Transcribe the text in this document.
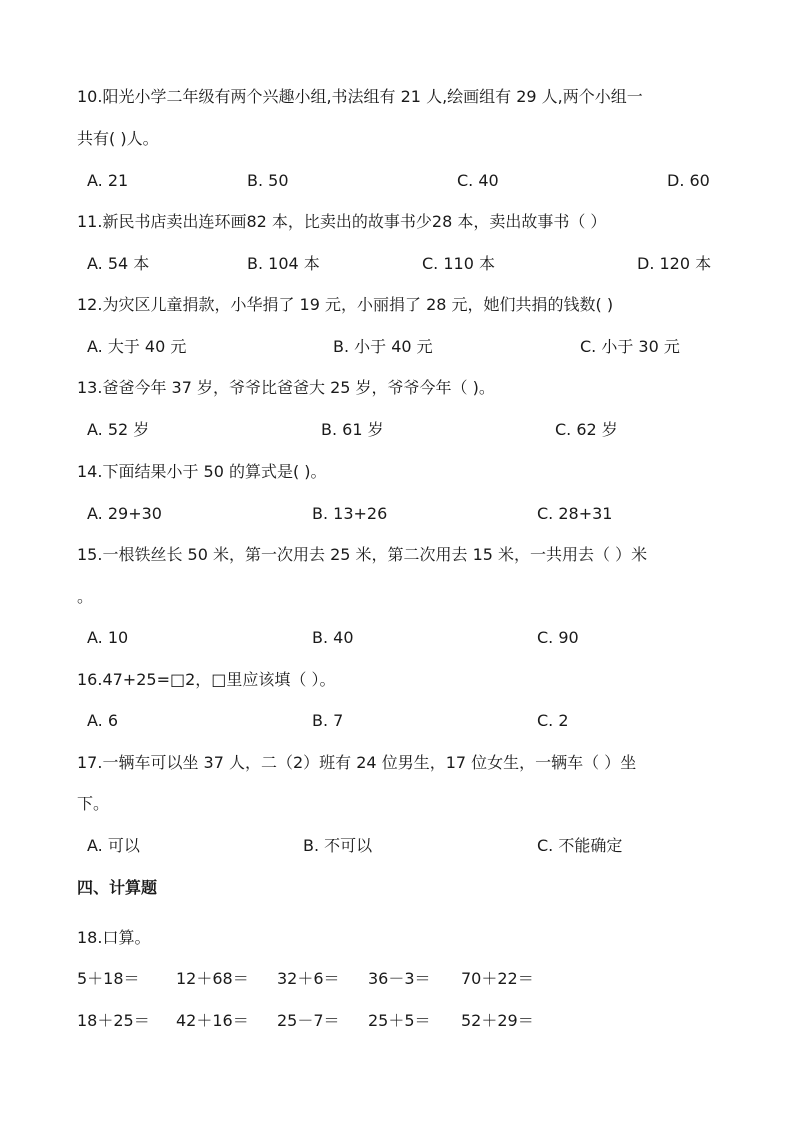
10.阳光小学二年级有两个兴趣小组,书法组有 21 人,绘画组有 29 人,两个小组一
共有( )人。
A. 21	B. 50	C. 40	D. 60
11.新民书店卖出连环画82 本，比卖出的故事书少28 本，卖出故事书（ ）
A. 54 本	B. 104 本	C. 110 本	D. 120 本
12.为灾区儿童捐款，小华捐了 19 元，小丽捐了 28 元，她们共捐的钱数( )
A. 大于 40 元	B. 小于 40 元	C. 小于 30 元
13.爸爸今年 37 岁，爷爷比爸爸大 25 岁，爷爷今年（ )。
A. 52 岁	B. 61 岁	C. 62 岁
14.下面结果小于 50 的算式是( )。
A. 29+30	B. 13+26	C. 28+31
15.一根铁丝长 50 米，第一次用去 25 米，第二次用去 15 米，一共用去（ ）米
。
A. 10	B. 40	C. 90
16.47+25=□2，□里应该填（ ）。
A. 6	B. 7	C. 2
17.一辆车可以坐 37 人，二（2）班有 24 位男生，17 位女生，一辆车（ ）坐
下。
A. 可以	B. 不可以	C. 不能确定
四、计算题
18.口算。
5＋18＝ 12＋68＝ 32＋6＝ 36－3＝ 70＋22＝
18＋25＝ 42＋16＝ 25－7＝ 25＋5＝ 52＋29＝
